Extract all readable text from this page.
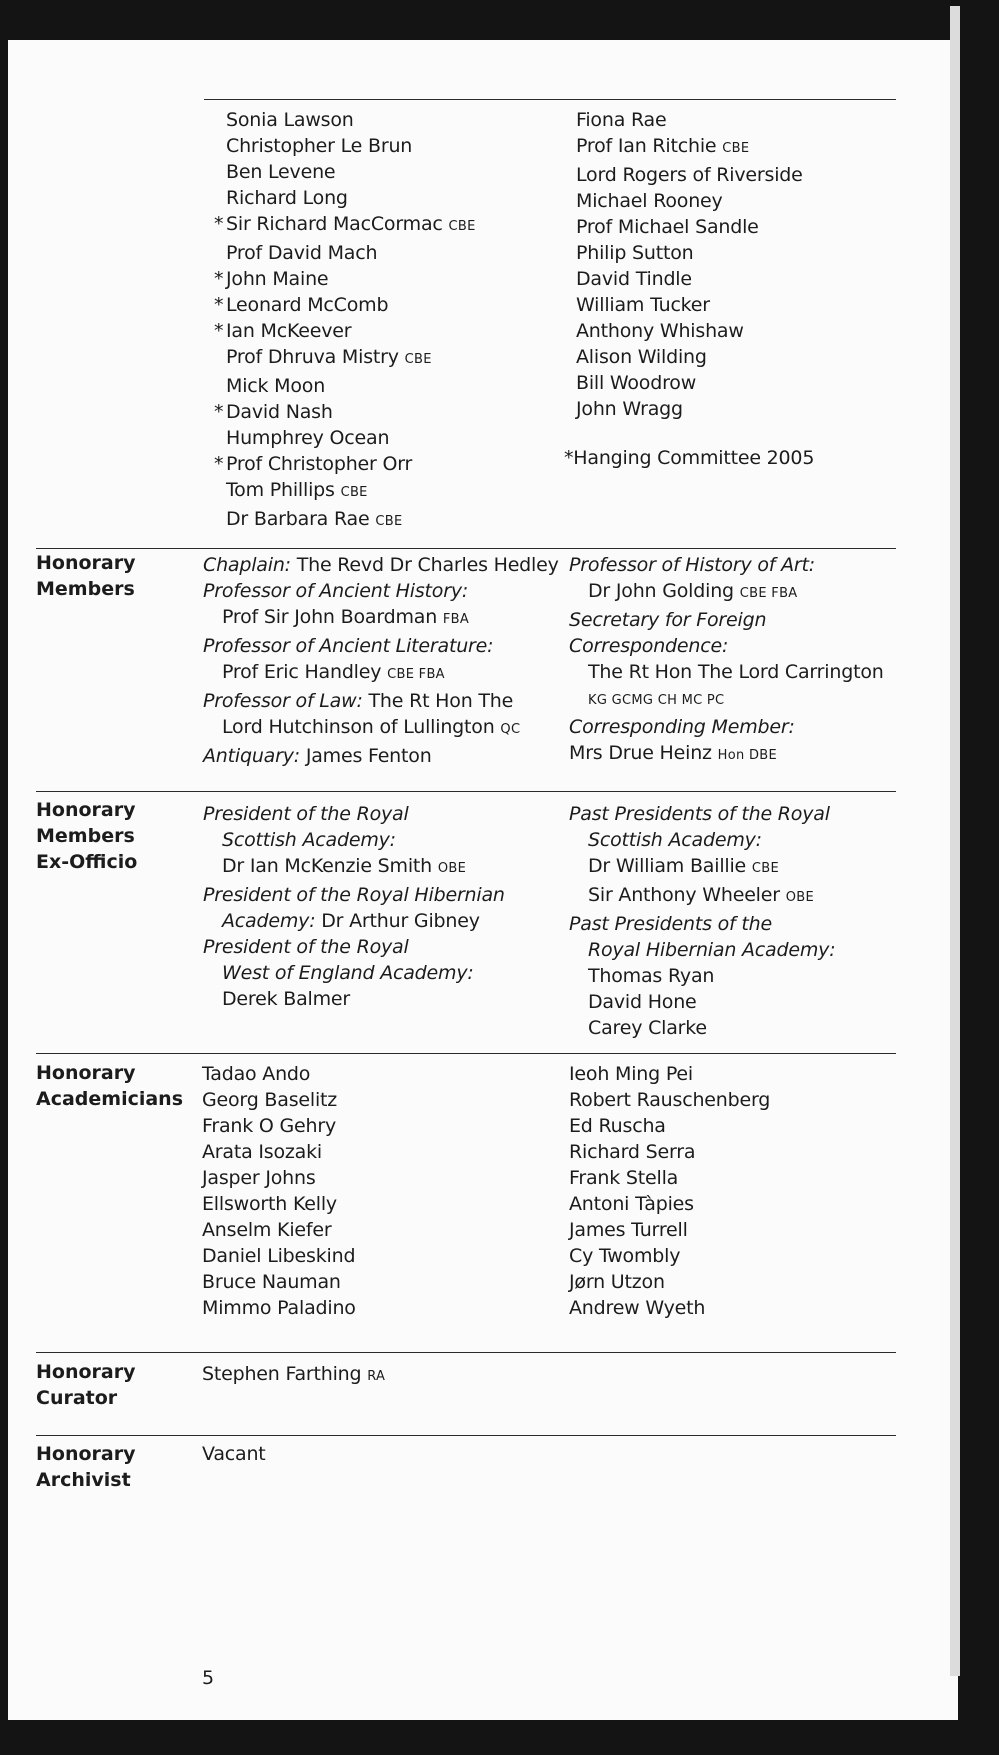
Sonia Lawson
Christopher Le Brun
Ben Levene
Richard Long
* Sir Richard MacCormac CBE
Prof David Mach
* John Maine
* Leonard McComb
* Ian McKeever
Prof Dhruva Mistry CBE
Mick Moon
* David Nash
Humphrey Ocean
* Prof Christopher Orr
Tom Phillips CBE
Dr Barbara Rae CBE
Fiona Rae
Prof Ian Ritchie CBE
Lord Rogers of Riverside
Michael Rooney
Prof Michael Sandle
Philip Sutton
David Tindle
William Tucker
Anthony Whishaw
Alison Wilding
Bill Woodrow
John Wragg
*Hanging Committee 2005
Honorary
Members
Chaplain: The Revd Dr Charles Hedley
Professor of Ancient History:
Prof Sir John Boardman FBA
Professor of Ancient Literature:
Prof Eric Handley CBE FBA
Professor of Law: The Rt Hon The
Lord Hutchinson of Lullington QC
Antiquary: James Fenton
Professor of History of Art:
Dr John Golding CBE FBA
Secretary for Foreign
Correspondence:
The Rt Hon The Lord Carrington
KG GCMG CH MC PC
Corresponding Member:
Mrs Drue Heinz Hon DBE
Honorary
Members
Ex-Officio
President of the Royal
Scottish Academy:
Dr Ian McKenzie Smith OBE
President of the Royal Hibernian
Academy: Dr Arthur Gibney
President of the Royal
West of England Academy:
Derek Balmer
Past Presidents of the Royal
Scottish Academy:
Dr William Baillie CBE
Sir Anthony Wheeler OBE
Past Presidents of the
Royal Hibernian Academy:
Thomas Ryan
David Hone
Carey Clarke
Honorary
Academicians
Tadao Ando
Georg Baselitz
Frank O Gehry
Arata Isozaki
Jasper Johns
Ellsworth Kelly
Anselm Kiefer
Daniel Libeskind
Bruce Nauman
Mimmo Paladino
Ieoh Ming Pei
Robert Rauschenberg
Ed Ruscha
Richard Serra
Frank Stella
Antoni Tàpies
James Turrell
Cy Twombly
Jørn Utzon
Andrew Wyeth
Honorary
Curator
Stephen Farthing RA
Honorary
Archivist
Vacant
5
